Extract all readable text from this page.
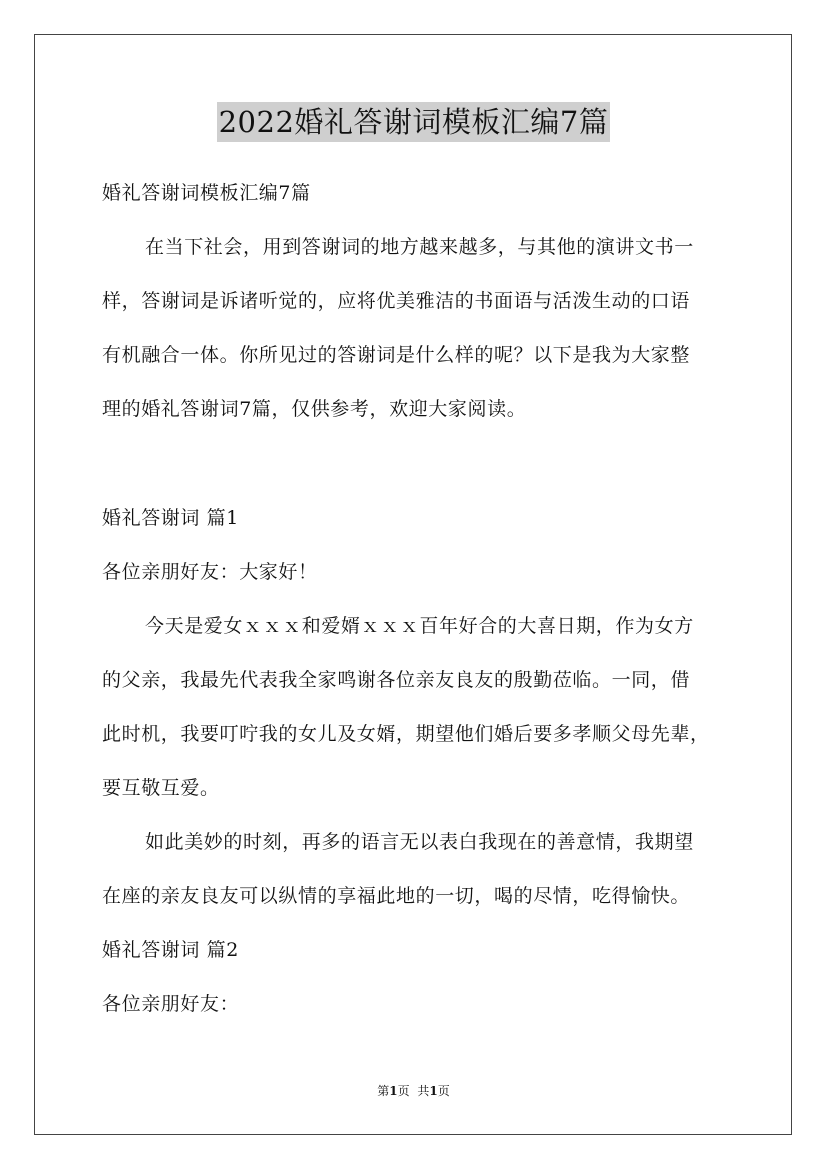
2022婚礼答谢词模板汇编7篇
婚礼答谢词模板汇编7篇
在当下社会，用到答谢词的地方越来越多，与其他的演讲文书一
样，答谢词是诉诸听觉的，应将优美雅洁的书面语与活泼生动的口语
有机融合一体。你所见过的答谢词是什么样的呢？以下是我为大家整
理的婚礼答谢词7篇，仅供参考，欢迎大家阅读。
婚礼答谢词 篇1
各位亲朋好友：大家好！
今天是爱女ｘｘｘ和爱婿ｘｘｘ百年好合的大喜日期，作为女方
的父亲，我最先代表我全家鸣谢各位亲友良友的殷勤莅临。一同，借
此时机，我要叮咛我的女儿及女婿，期望他们婚后要多孝顺父母先辈，
要互敬互爱。
如此美妙的时刻，再多的语言无以表白我现在的善意情，我期望
在座的亲友良友可以纵情的享福此地的一切，喝的尽情，吃得愉快。
婚礼答谢词 篇2
各位亲朋好友：
第1页 共1页
